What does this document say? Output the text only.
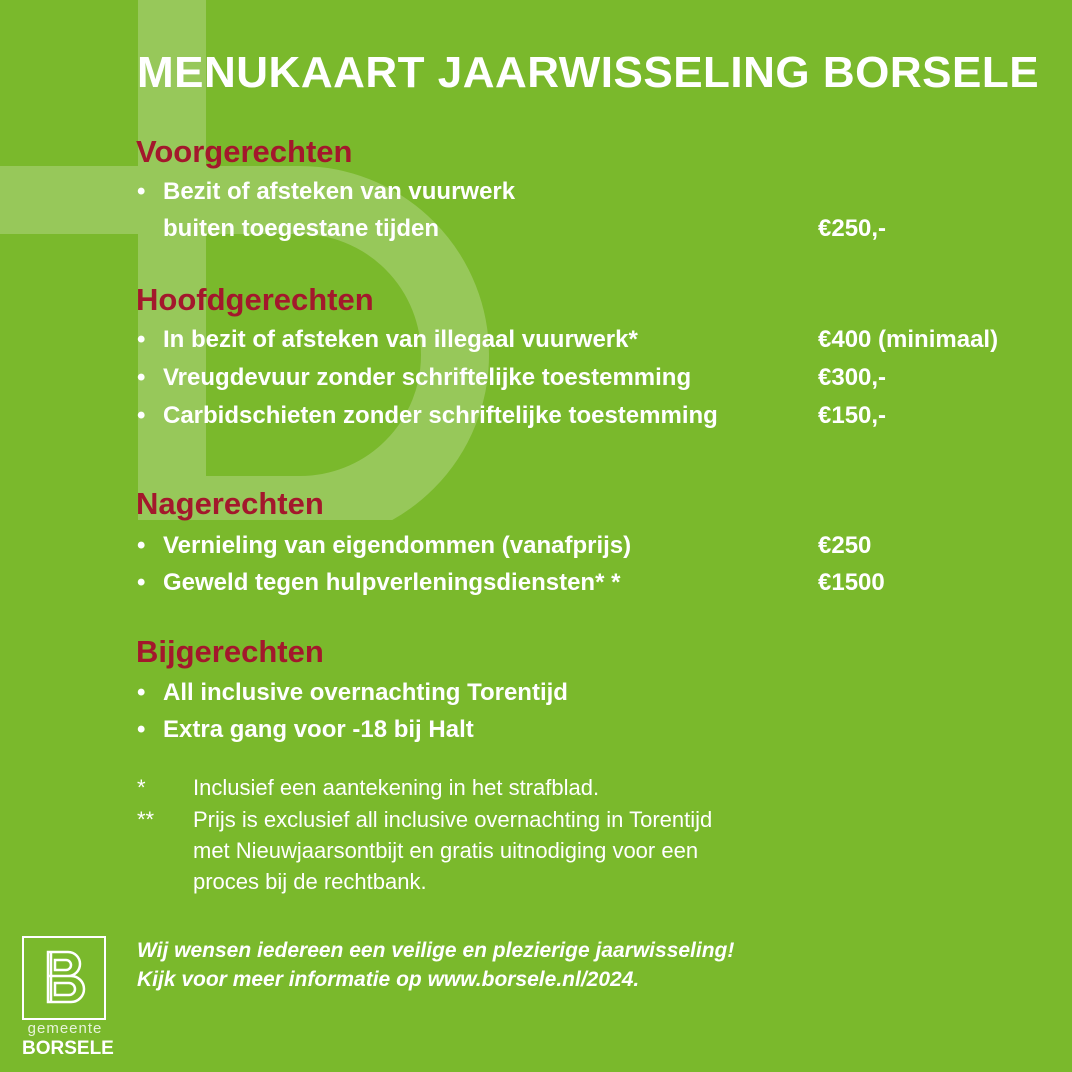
MENUKAART JAARWISSELING BORSELE
Voorgerechten
• Bezit of afsteken van vuurwerk
buiten toegestane tijden	€250,-
Hoofdgerechten
• In bezit of afsteken van illegaal vuurwerk*	€400 (minimaal)
• Vreugdevuur zonder schriftelijke toestemming	€300,-
• Carbidschieten zonder schriftelijke toestemming	€150,-
Nagerechten
• Vernieling van eigendommen (vanafprijs)	€250
• Geweld tegen hulpverleningsdiensten* *	€1500
Bijgerechten
• All inclusive overnachting Torentijd
• Extra gang voor -18 bij Halt
* Inclusief een aantekening in het strafblad.
** Prijs is exclusief all inclusive overnachting in Torentijd
met Nieuwjaarsontbijt en gratis uitnodiging voor een
proces bij de rechtbank.
Wij wensen iedereen een veilige en plezierige jaarwisseling!
Kijk voor meer informatie op www.borsele.nl/2024.
gemeente
BORSELE
